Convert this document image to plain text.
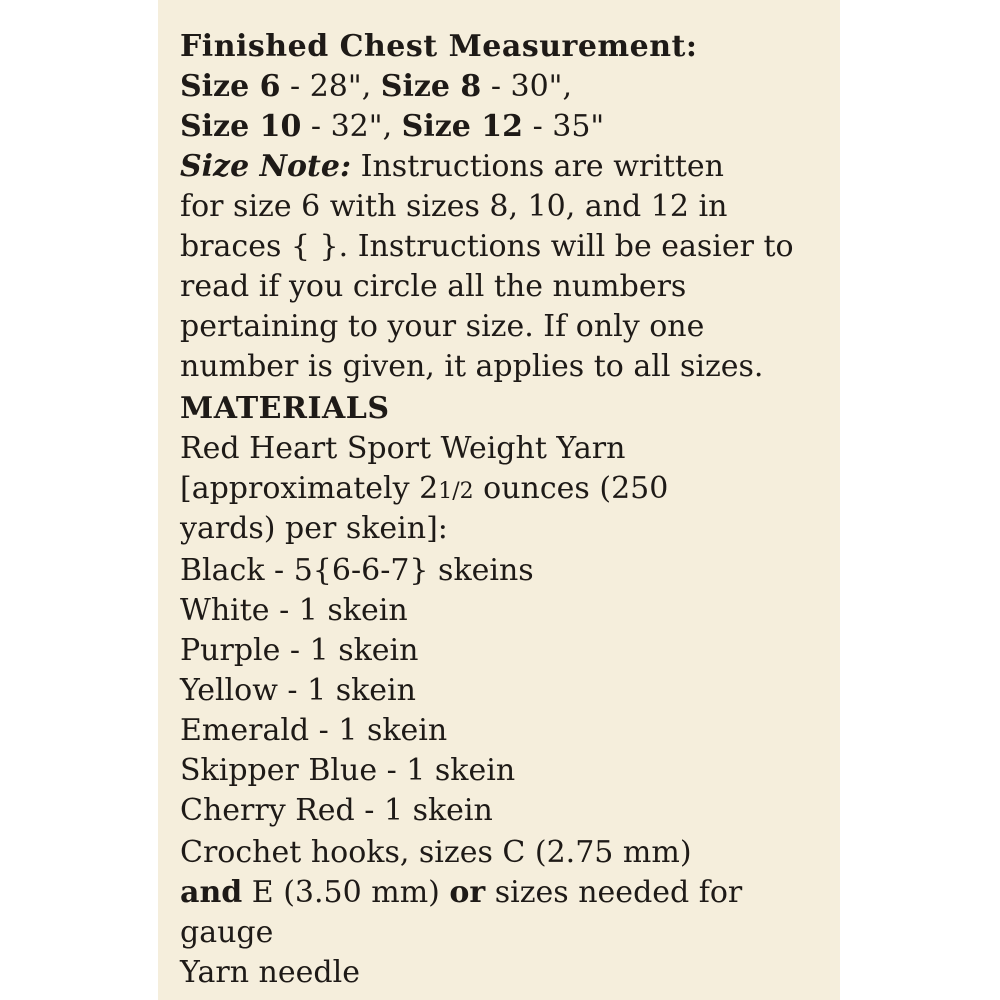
Finished Chest Measurement:

Size 6 - 28", Size 8 - 30",

Size 10 - 32", Size 12 - 35"

Size Note: Instructions are written

for size 6 with sizes 8, 10, and 12 in

braces { }. Instructions will be easier to

read if you circle all the numbers

pertaining to your size. If only one

number is given, it applies to all sizes.

MATERIALS

Red Heart Sport Weight Yarn

[approximately 21/2 ounces (250

yards) per skein]:

Black - 5{6-6-7} skeins

White - 1 skein

Purple - 1 skein

Yellow - 1 skein

Emerald - 1 skein

Skipper Blue - 1 skein

Cherry Red - 1 skein

Crochet hooks, sizes C (2.75 mm)

and E (3.50 mm) or sizes needed for

gauge

Yarn needle
